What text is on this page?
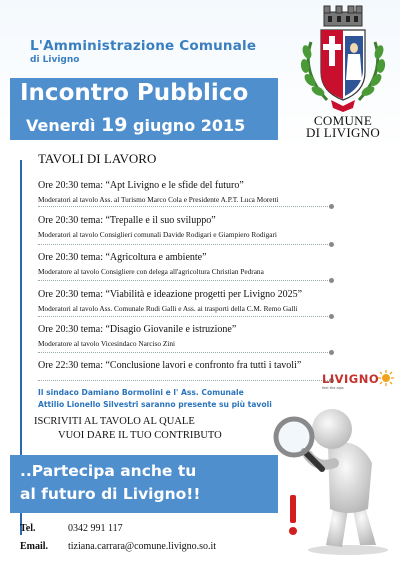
L'Amministrazione Comunale
di Livigno
Incontro Pubblico
Venerdì 19 giugno 2015	COMUNE
DI LIVIGNO
TAVOLI DI LAVORO
Ore 20:30 tema: “Apt Livigno e le sfide del futuro”
Moderatori al tavolo Ass. al Turismo Marco Cola e Presidente A.P.T. Luca Moretti
Ore 20:30 tema: “Trepalle e il suo sviluppo”
Moderatori al tavolo Consiglieri comunali Davide Rodigari e Giampiero Rodigari
Ore 20:30 tema: “Agricoltura e ambiente”
Moderatore al tavolo Consigliere con delega all'agricoltura Christian Pedrana
Ore 20:30 tema: “Viabilità e ideazione progetti per Livigno 2025”
Moderatori al tavolo Ass. Comunale Rudi Galli e Ass. ai trasporti della C.M. Remo Galli
Ore 20:30 tema: “Disagio Giovanile e istruzione”
Moderatore al tavolo Vicesindaco Narciso Zini
Ore 22:30 tema: “Conclusione lavori e confronto fra tutti i tavoli”
Il sindaco Damiano Bormolini e l' Ass. Comunale
Attilio Lionello Silvestri saranno presente su più tavoli
ISCRIVITI AL TAVOLO AL QUALE
VUOI DARE IL TUO CONTRIBUTO
LIVIGNO
feel the alps
..Partecipa anche tu
al futuro di Livigno!!
Tel.	0342 991 117
Email. tiziana.carrara@comune.livigno.so.it
